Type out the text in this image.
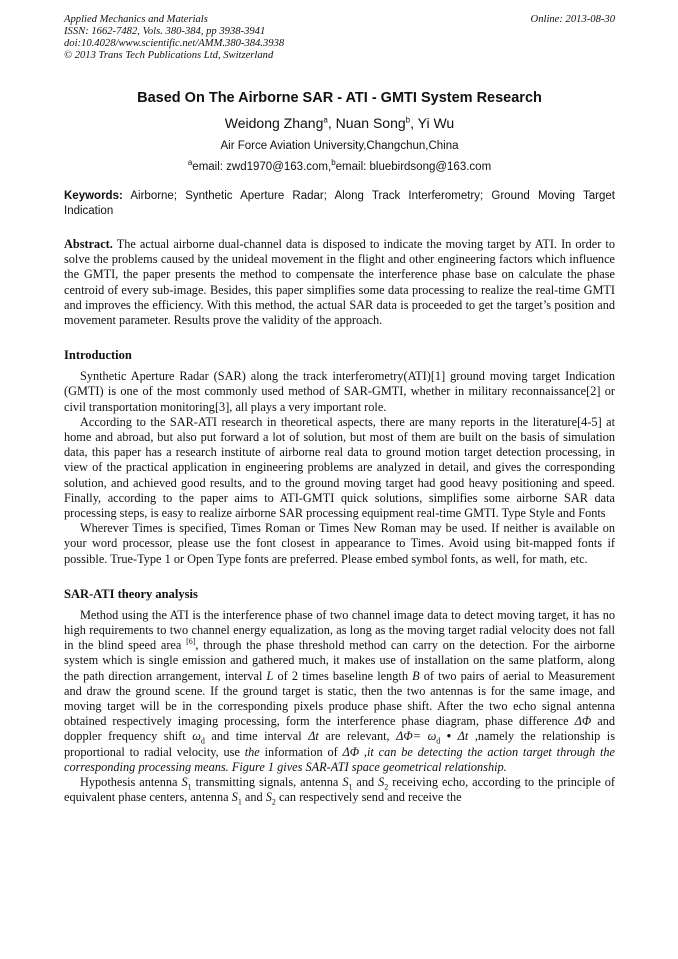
Applied Mechanics and Materials
ISSN: 1662-7482, Vols. 380-384, pp 3938-3941
doi:10.4028/www.scientific.net/AMM.380-384.3938
© 2013 Trans Tech Publications Ltd, Switzerland
Online: 2013-08-30
Based On The Airborne SAR - ATI - GMTI System Research
Weidong Zhang$^a$, Nuan Song$^b$, Yi Wu
Air Force Aviation University,Changchun,China
$^a$email: zwd1970@163.com,$^b$email: bluebirdsong@163.com
Keywords: Airborne; Synthetic Aperture Radar; Along Track Interferometry; Ground Moving Target Indication
Abstract. The actual airborne dual-channel data is disposed to indicate the moving target by ATI. In order to solve the problems caused by the unideal movement in the flight and other engineering factors which influence the GMTI, the paper presents the method to compensate the interference phase base on calculate the phase centroid of every sub-image. Besides, this paper simplifies some data processing to realize the real-time GMTI and improves the efficiency. With this method, the actual SAR data is proceeded to get the target’s position and movement parameter. Results prove the validity of the approach.
Introduction

Synthetic Aperture Radar (SAR) along the track interferometry(ATI)[1] ground moving target Indication (GMTI) is one of the most commonly used method of SAR-GMTI, whether in military reconnaissance[2] or civil transportation monitoring[3], all plays a very important role.

According to the SAR-ATI research in theoretical aspects, there are many reports in the literature[4-5] at home and abroad, but also put forward a lot of solution, but most of them are built on the basis of simulation data, this paper has a research institute of airborne real data to ground motion target detection processing, in view of the practical application in engineering problems are analyzed in detail, and gives the corresponding solution, and achieved good results, and to the ground moving target had good heavy positioning and speed. Finally, according to the paper aims to ATI-GMTI quick solutions, simplifies some airborne SAR data processing steps, is easy to realize airborne SAR processing equipment real-time GMTI. Type Style and Fonts

Wherever Times is specified, Times Roman or Times New Roman may be used. If neither is available on your word processor, please use the font closest in appearance to Times. Avoid using bit-mapped fonts if possible. True-Type 1 or Open Type fonts are preferred. Please embed symbol fonts, as well, for math, etc.

SAR-ATI theory analysis

Method using the ATI is the interference phase of two channel image data to detect moving target, it has no high requirements to two channel energy equalization, as long as the moving target radial velocity does not fall in the blind speed area [6], through the phase threshold method can carry on the detection. For the airborne system which is single emission and gathered much, it makes use of installation on the same platform, along the path direction arrangement, interval L of 2 times baseline length B of two pairs of aerial to Measurement and draw the ground scene. If the ground target is static, then the two antennas is for the same image, and moving target will be in the corresponding pixels produce phase shift. After the two echo signal antenna obtained respectively imaging processing, form the interference phase diagram, phase difference ΔΦ and doppler frequency shift $\omega_d$ and time interval Δt are relevant, $\Delta\Phi= \omega_d$ • Δt ,namely the relationship is proportional to radial velocity, use the information of ΔΦ ,it can be detecting the action target through the corresponding processing means. Figure 1 gives SAR-ATI space geometrical relationship.

Hypothesis antenna $S_1$ transmitting signals, antenna $S_1$ and $S_2$ receiving echo, according to the principle of equivalent phase centers, antenna $S_1$ and $S_2$ can respectively send and receive the
